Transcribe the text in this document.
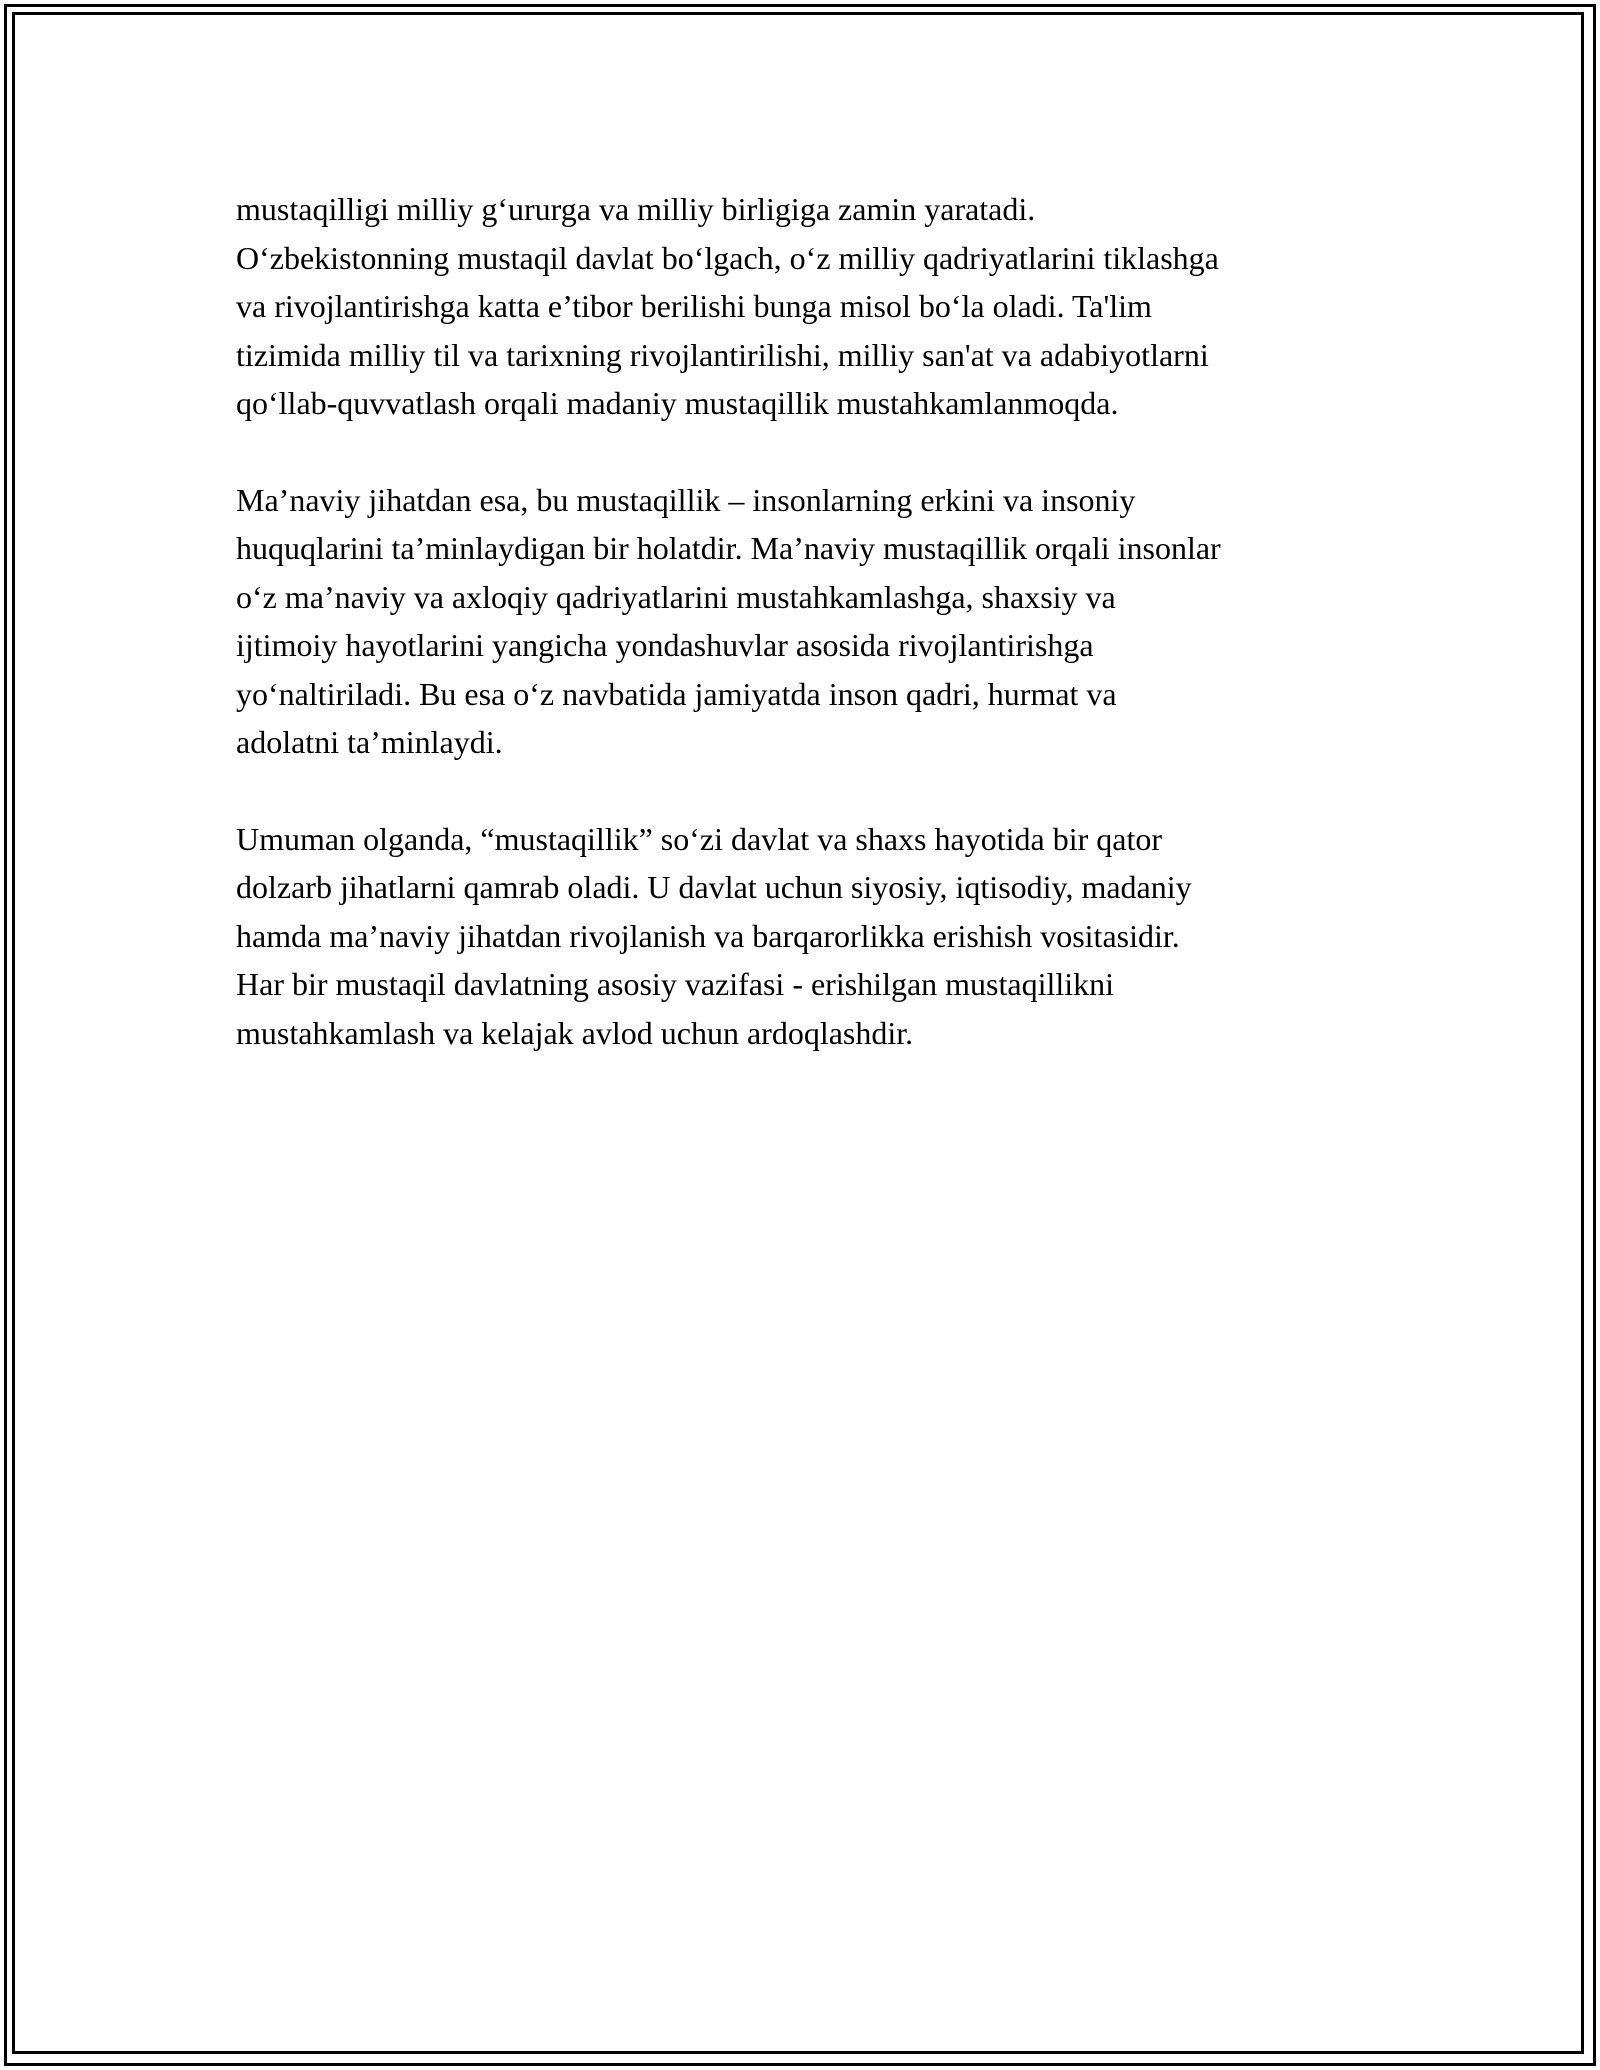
mustaqilligi milliy g‘ururga va milliy birligiga zamin yaratadi.
O‘zbekistonning mustaqil davlat bo‘lgach, o‘z milliy qadriyatlarini tiklashga
va rivojlantirishga katta e’tibor berilishi bunga misol bo‘la oladi. Ta'lim
tizimida milliy til va tarixning rivojlantirilishi, milliy san'at va adabiyotlarni
qo‘llab-quvvatlash orqali madaniy mustaqillik mustahkamlanmoqda.
Ma’naviy jihatdan esa, bu mustaqillik – insonlarning erkini va insoniy
huquqlarini ta’minlaydigan bir holatdir. Ma’naviy mustaqillik orqali insonlar
o‘z ma’naviy va axloqiy qadriyatlarini mustahkamlashga, shaxsiy va
ijtimoiy hayotlarini yangicha yondashuvlar asosida rivojlantirishga
yo‘naltiriladi. Bu esa o‘z navbatida jamiyatda inson qadri, hurmat va
adolatni ta’minlaydi.
Umuman olganda, “mustaqillik” so‘zi davlat va shaxs hayotida bir qator
dolzarb jihatlarni qamrab oladi. U davlat uchun siyosiy, iqtisodiy, madaniy
hamda ma’naviy jihatdan rivojlanish va barqarorlikka erishish vositasidir.
Har bir mustaqil davlatning asosiy vazifasi - erishilgan mustaqillikni
mustahkamlash va kelajak avlod uchun ardoqlashdir.
